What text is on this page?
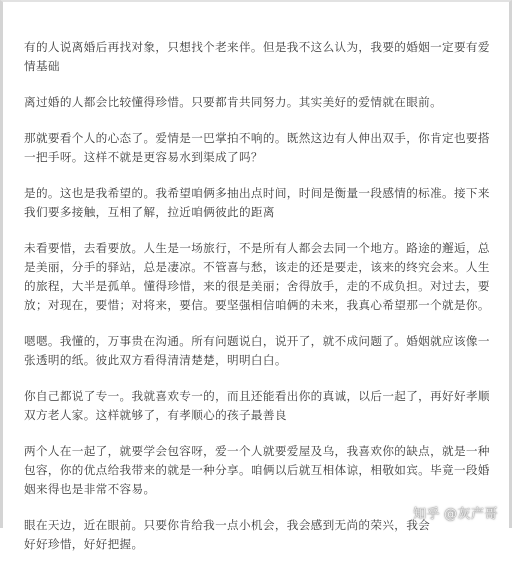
有的人说离婚后再找对象，只想找个老来伴。但是我不这么认为，我要的婚姻一定要有爱
情基础

离过婚的人都会比较懂得珍惜。只要都肯共同努力。其实美好的爱情就在眼前。

那就要看个人的心态了。爱情是一巴掌拍不响的。既然这边有人伸出双手，你肯定也要搭
一把手呀。这样不就是更容易水到渠成了吗？

是的。这也是我希望的。我希望咱俩多抽出点时间，时间是衡量一段感情的标准。接下来
我们要多接触，互相了解，拉近咱俩彼此的距离

未看要惜，去看要放。人生是一场旅行，不是所有人都会去同一个地方。路途的邂逅，总
是美丽，分手的驿站，总是凄凉。不管喜与愁，该走的还是要走，该来的终究会来。人生
的旅程，大半是孤单。懂得珍惜，来的很是美丽；舍得放手，走的不成负担。对过去，要
放；对现在，要惜；对将来，要信。要坚强相信咱俩的未来，我真心希望那一个就是你。

嗯嗯。我懂的，万事贵在沟通。所有问题说白，说开了，就不成问题了。婚姻就应该像一
张透明的纸。彼此双方看得清清楚楚，明明白白。

你自己都说了专一。我就喜欢专一的，而且还能看出你的真诚，以后一起了，再好好孝顺
双方老人家。这样就够了，有孝顺心的孩子最善良

两个人在一起了，就要学会包容呀，爱一个人就要爱屋及乌，我喜欢你的缺点，就是一种
包容，你的优点给我带来的就是一种分享。咱俩以后就互相体谅，相敬如宾。毕竟一段婚
姻来得也是非常不容易。

眼在天边，近在眼前。只要你肯给我一点小机会，我会感到无尚的荣兴，我会
好好珍惜，好好把握。

知乎 @灰产哥
